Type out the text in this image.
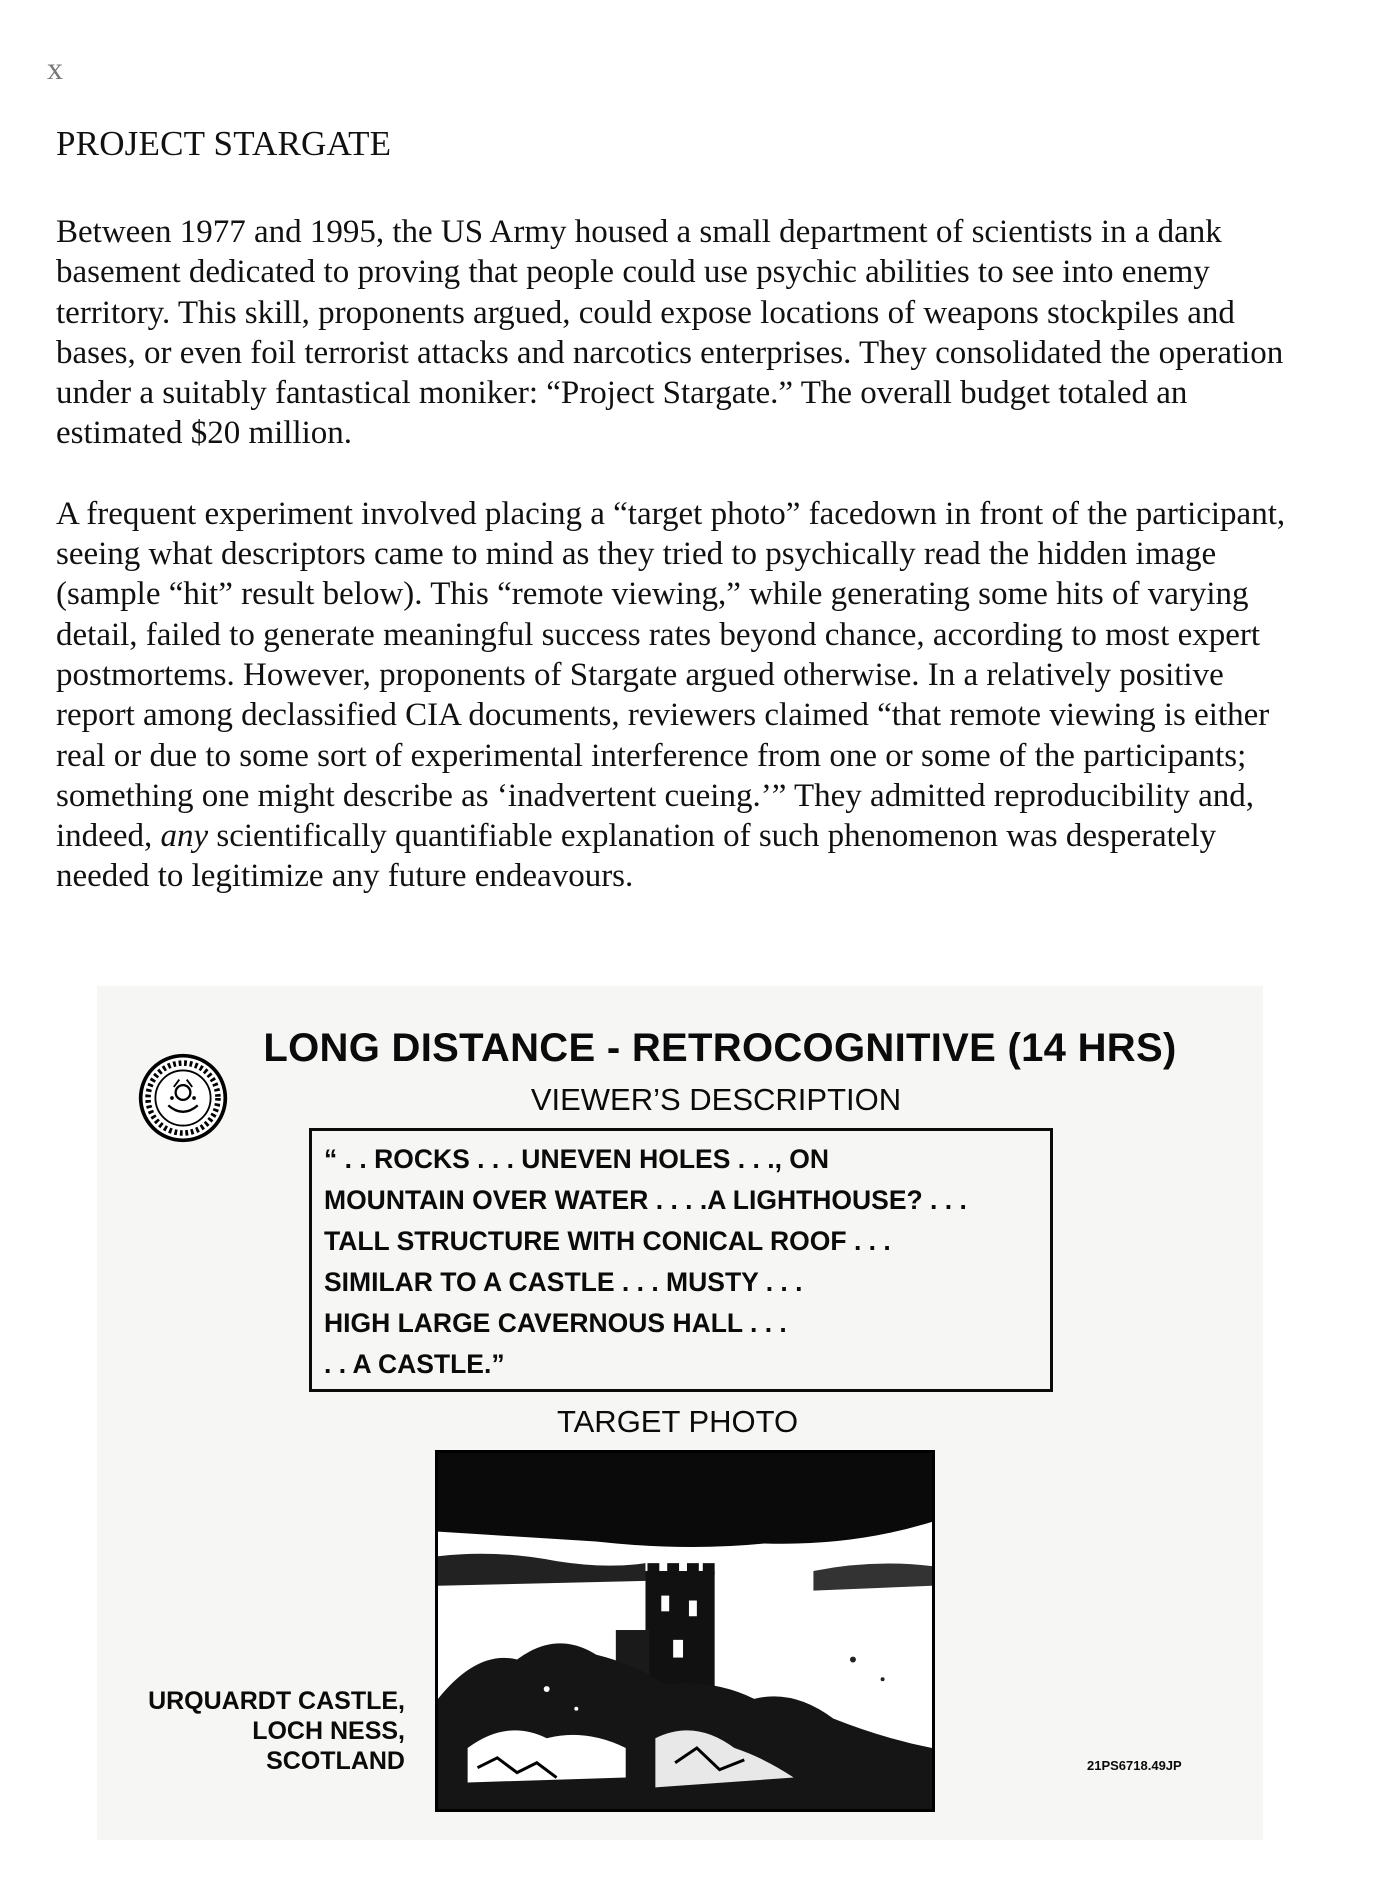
x
PROJECT STARGATE

Between 1977 and 1995, the US Army housed a small department of scientists in a dank basement dedicated to proving that people could use psychic abilities to see into enemy territory. This skill, proponents argued, could expose locations of weapons stockpiles and bases, or even foil terrorist attacks and narcotics enterprises. They consolidated the operation under a suitably fantastical moniker: “Project Stargate.” The overall budget totaled an estimated $20 million.

A frequent experiment involved placing a “target photo” facedown in front of the participant, seeing what descriptors came to mind as they tried to psychically read the hidden image (sample “hit” result below). This “remote viewing,” while generating some hits of varying detail, failed to generate meaningful success rates beyond chance, according to most expert postmortems. However, proponents of Stargate argued otherwise. In a relatively positive report among declassified CIA documents, reviewers claimed “that remote viewing is either real or due to some sort of experimental interference from one or some of the participants; something one might describe as ‘inadvertent cueing.’” They admitted reproducibility and, indeed, any scientifically quantifiable explanation of such phenomenon was desperately needed to legitimize any future endeavours.

LONG DISTANCE - RETROCOGNITIVE (14 HRS)
VIEWER’S DESCRIPTION
“ . . ROCKS . . . UNEVEN HOLES . . ., ON
MOUNTAIN OVER WATER . . . .A LIGHTHOUSE? . . .
TALL STRUCTURE WITH CONICAL ROOF . . .
SIMILAR TO A CASTLE . . . MUSTY . . .
HIGH LARGE CAVERNOUS HALL . . .
. . A CASTLE.”
TARGET PHOTO
URQUARDT CASTLE,
LOCH NESS,
SCOTLAND	21PS6718.49JP
